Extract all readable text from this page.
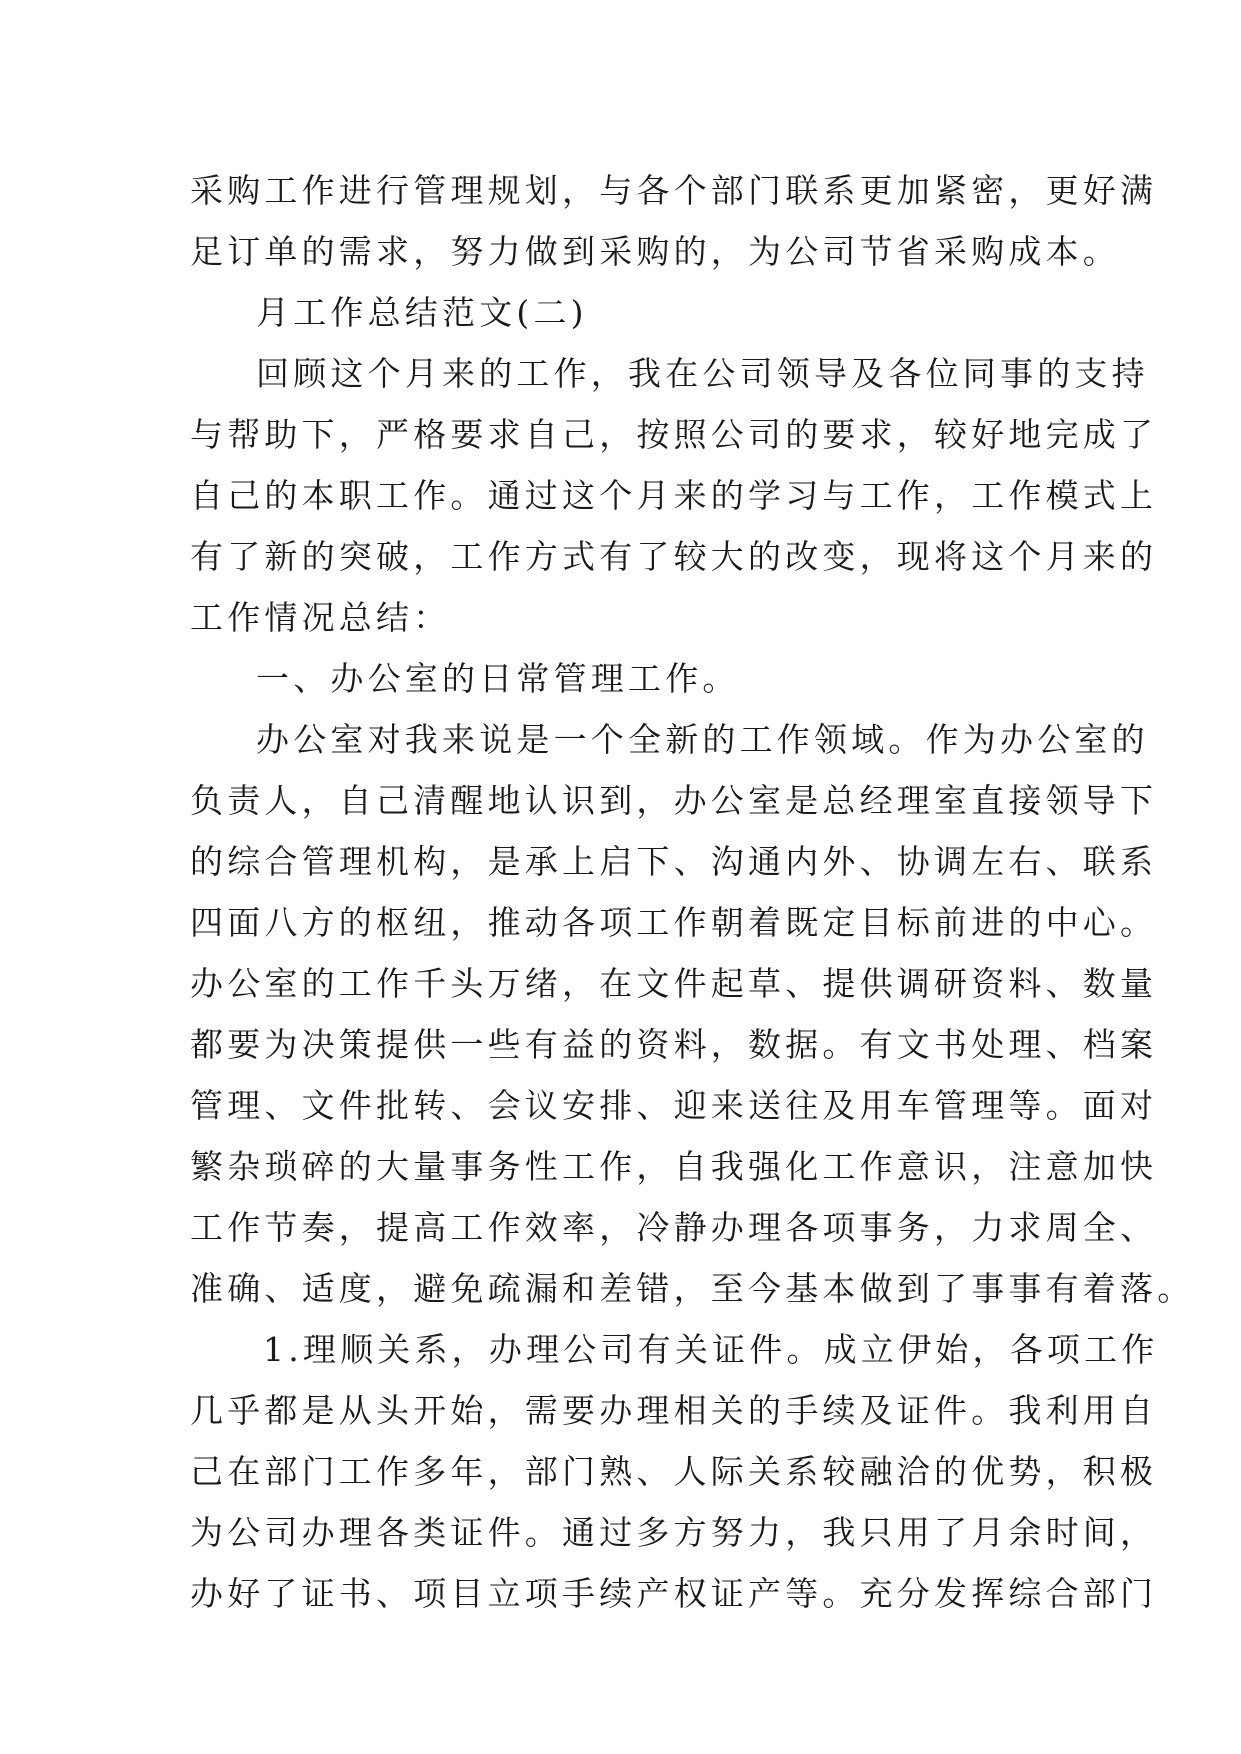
采购工作进行管理规划，与各个部门联系更加紧密，更好满
足订单的需求，努力做到采购的，为公司节省采购成本。
月工作总结范文(二)
回顾这个月来的工作，我在公司领导及各位同事的支持
与帮助下，严格要求自己，按照公司的要求，较好地完成了
自己的本职工作。通过这个月来的学习与工作，工作模式上
有了新的突破，工作方式有了较大的改变，现将这个月来的
工作情况总结：
一、办公室的日常管理工作。
办公室对我来说是一个全新的工作领域。作为办公室的
负责人，自己清醒地认识到，办公室是总经理室直接领导下
的综合管理机构，是承上启下、沟通内外、协调左右、联系
四面八方的枢纽，推动各项工作朝着既定目标前进的中心。
办公室的工作千头万绪，在文件起草、提供调研资料、数量
都要为决策提供一些有益的资料，数据。有文书处理、档案
管理、文件批转、会议安排、迎来送往及用车管理等。面对
繁杂琐碎的大量事务性工作，自我强化工作意识，注意加快
工作节奏，提高工作效率，冷静办理各项事务，力求周全、
准确、适度，避免疏漏和差错，至今基本做到了事事有着落。
1.理顺关系，办理公司有关证件。成立伊始，各项工作
几乎都是从头开始，需要办理相关的手续及证件。我利用自
己在部门工作多年，部门熟、人际关系较融洽的优势，积极
为公司办理各类证件。通过多方努力，我只用了月余时间，
办好了证书、项目立项手续产权证产等。充分发挥综合部门
